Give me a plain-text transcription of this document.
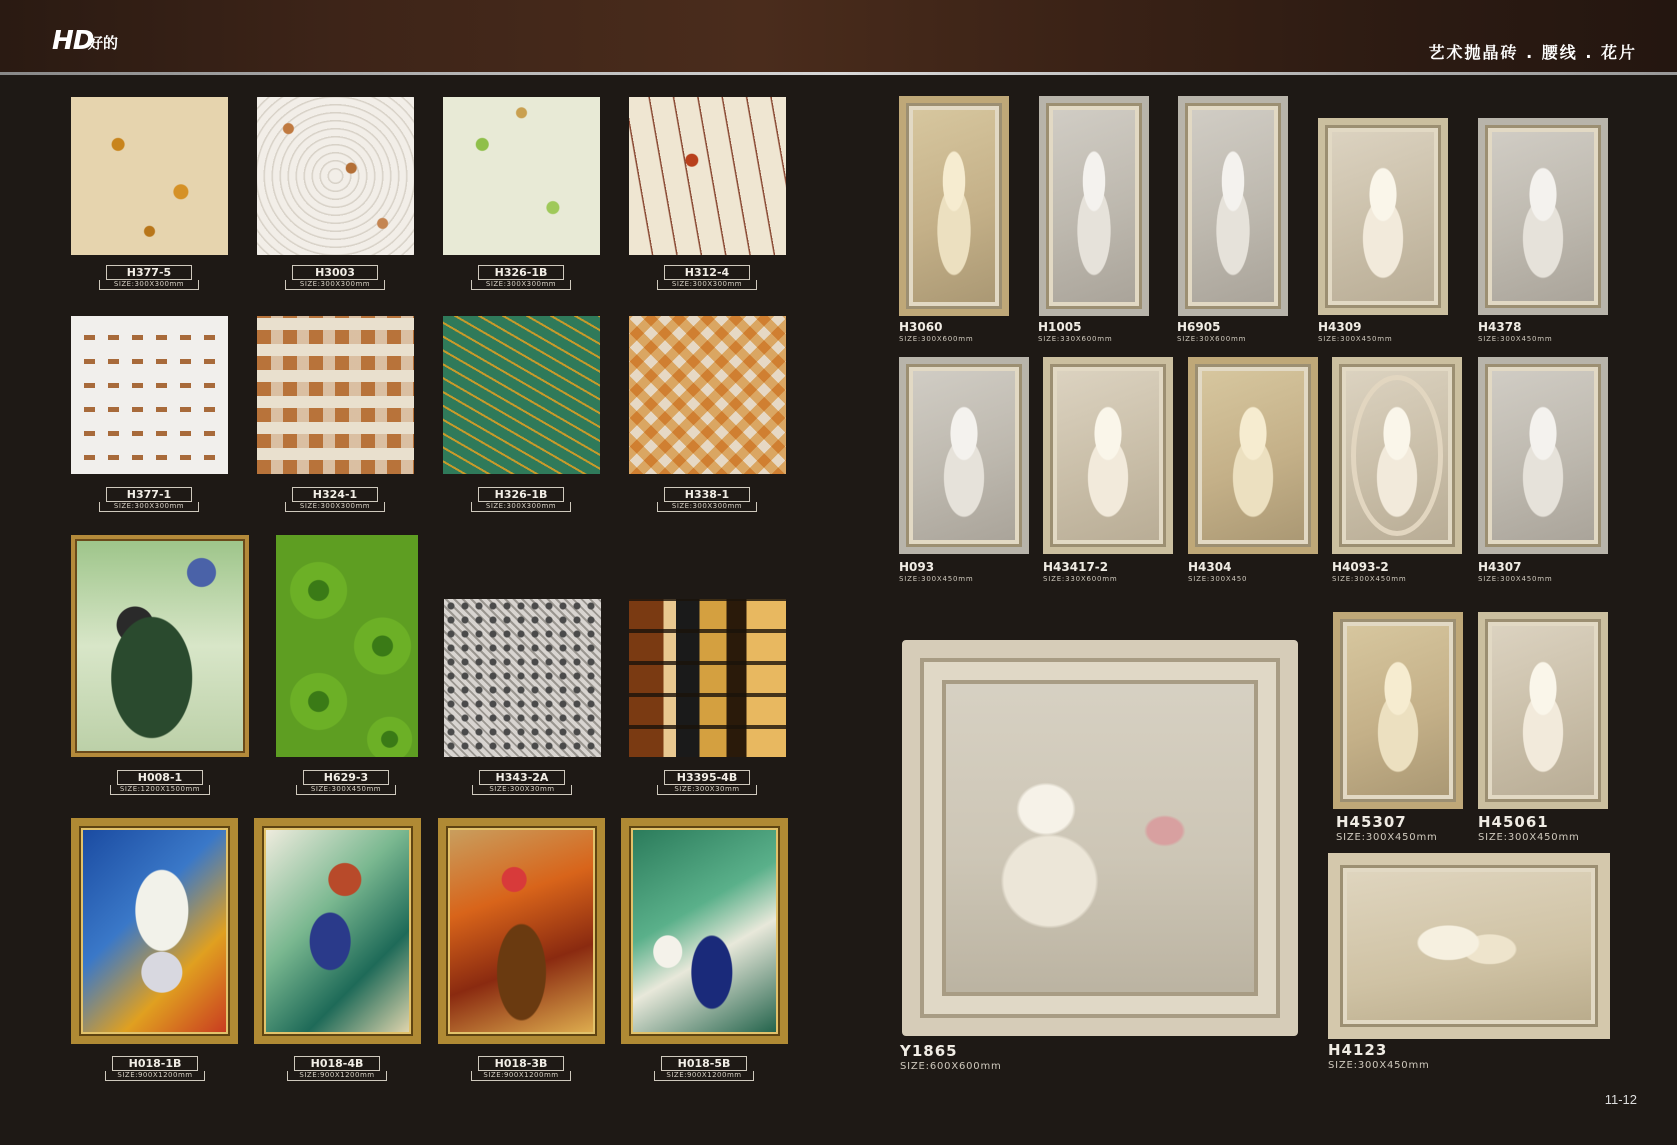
HD
好的	艺术抛晶砖 . 腰线 . 花片
H377-5
SIZE:300X300mm
H3003
SIZE:300X300mm
H326-1B
SIZE:300X300mm
H312-4
SIZE:300X300mm
H377-1
SIZE:300X300mm
H324-1
SIZE:300X300mm
H326-1B
SIZE:300X300mm
H338-1
SIZE:300X300mm
H008-1
SIZE:1200X1500mm
H629-3
SIZE:300X450mm
H343-2A
SIZE:300X30mm
H3395-4B
SIZE:300X30mm
H018-1B
SIZE:900X1200mm
H018-4B
SIZE:900X1200mm
H018-3B
SIZE:900X1200mm
H018-5B
SIZE:900X1200mm
H3060
SIZE:300X600mm
H1005
SIZE:330X600mm
H6905
SIZE:30X600mm
H4309
SIZE:300X450mm
H4378
SIZE:300X450mm
H093
SIZE:300X450mm
H43417-2
SIZE:330X600mm
H4304
SIZE:300X450
H4093-2
SIZE:300X450mm
H4307
SIZE:300X450mm
Y1865
SIZE:600X600mm
H45307
SIZE:300X450mm
H45061
SIZE:300X450mm
H4123
SIZE:300X450mm
11-12
